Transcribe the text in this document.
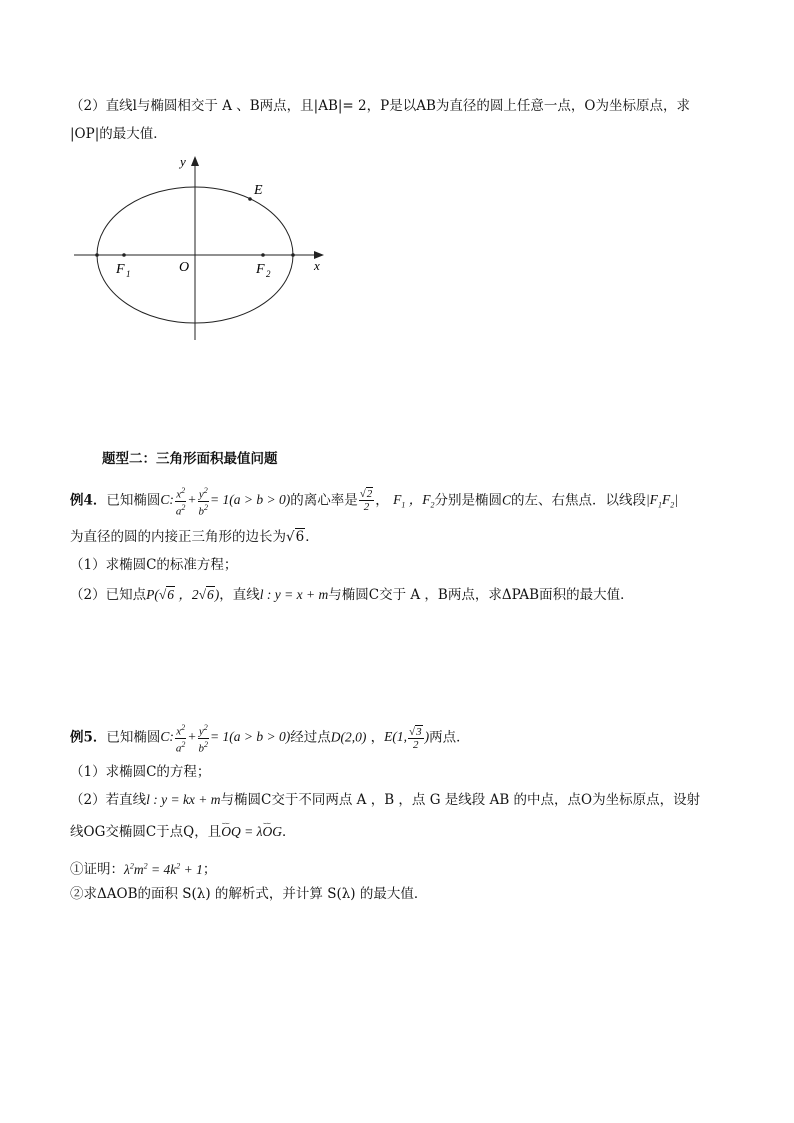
（2）直线l与椭圆相交于 A 、B两点，且|AB|= 2，P是以AB为直径的圆上任意一点，O为坐标原点，求
|OP|的最大值．
y
x
E
O
F 1	F 2
题型二：三角形面积最值问题
例4．已知椭圆C: $\frac{x^2}{a^2} + \frac{y^2}{b^2} = 1(a > b > 0)$的离心率是 $\frac{√2}{2}$ ， $F_1$ ，$F_2$分别是椭圆C的左、右焦点．以线段$|F_1F_2|$
为直径的圆的内接正三角形的边长为√6．
（1）求椭圆C的标准方程；
（2）已知点P(√6 ，2√6)，直线l : y = x + m与椭圆C交于 A ，B两点，求ΔPAB面积的最大值．
例5．已知椭圆C: $\frac{x^2}{a^2} + \frac{y^2}{b^2} = 1(a > b > 0)$经过点D(2,0) ，E(1, $\frac{√3}{2}$ )两点．
（1）求椭圆C的方程；
（2）若直线l : y = kx + m与椭圆C交于不同两点 A ，B ，点 G 是线段 AB 的中点，点O为坐标原点，设射
线OG交椭圆C于点Q，且⌣⌣ OQ = λ⌣⌣ OG．
①证明：$\lambda^2m^2 = 4k^2 + 1$；
②求ΔAOB的面积 S(λ) 的解析式，并计算 S(λ) 的最大值．
